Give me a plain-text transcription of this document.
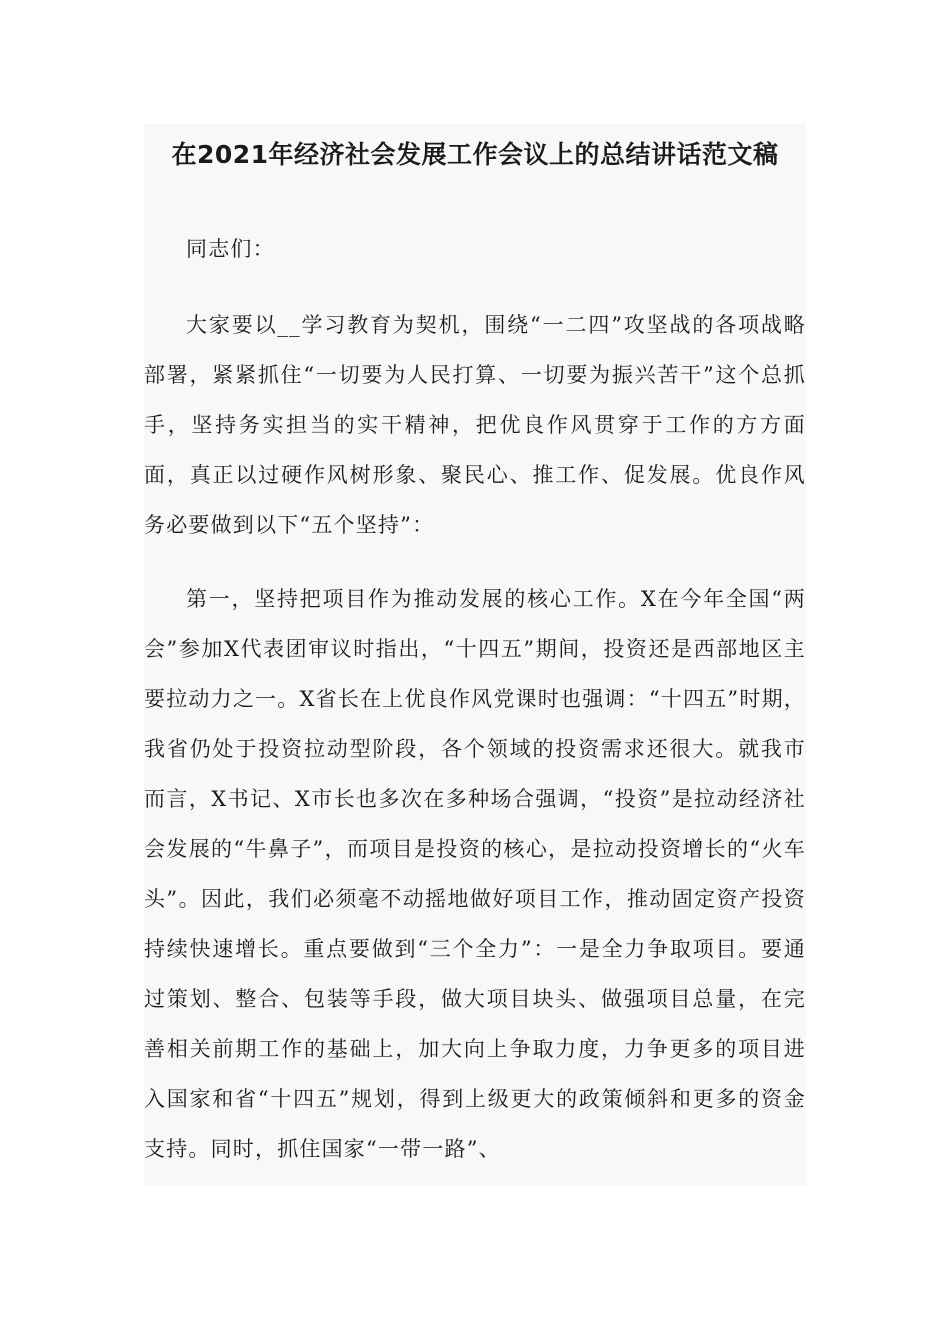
在2021年经济社会发展工作会议上的总结讲话范文稿

同志们：

大家要以__学习教育为契机，围绕“一二四”攻坚战的各项战略部署，紧紧抓住“一切要为人民打算、一切要为振兴苦干”这个总抓手，坚持务实担当的实干精神，把优良作风贯穿于工作的方方面面，真正以过硬作风树形象、聚民心、推工作、促发展。优良作风务必要做到以下“五个坚持”：

第一，坚持把项目作为推动发展的核心工作。X在今年全国“两会”参加X代表团审议时指出，“十四五”期间，投资还是西部地区主要拉动力之一。X省长在上优良作风党课时也强调：“十四五”时期，我省仍处于投资拉动型阶段，各个领域的投资需求还很大。就我市而言，X书记、X市长也多次在多种场合强调，“投资”是拉动经济社会发展的“牛鼻子”，而项目是投资的核心，是拉动投资增长的“火车头”。因此，我们必须毫不动摇地做好项目工作，推动固定资产投资持续快速增长。重点要做到“三个全力”：一是全力争取项目。要通过策划、整合、包装等手段，做大项目块头、做强项目总量，在完善相关前期工作的基础上，加大向上争取力度，力争更多的项目进入国家和省“十四五”规划，得到上级更大的政策倾斜和更多的资金支持。同时，抓住国家“一带一路”、
